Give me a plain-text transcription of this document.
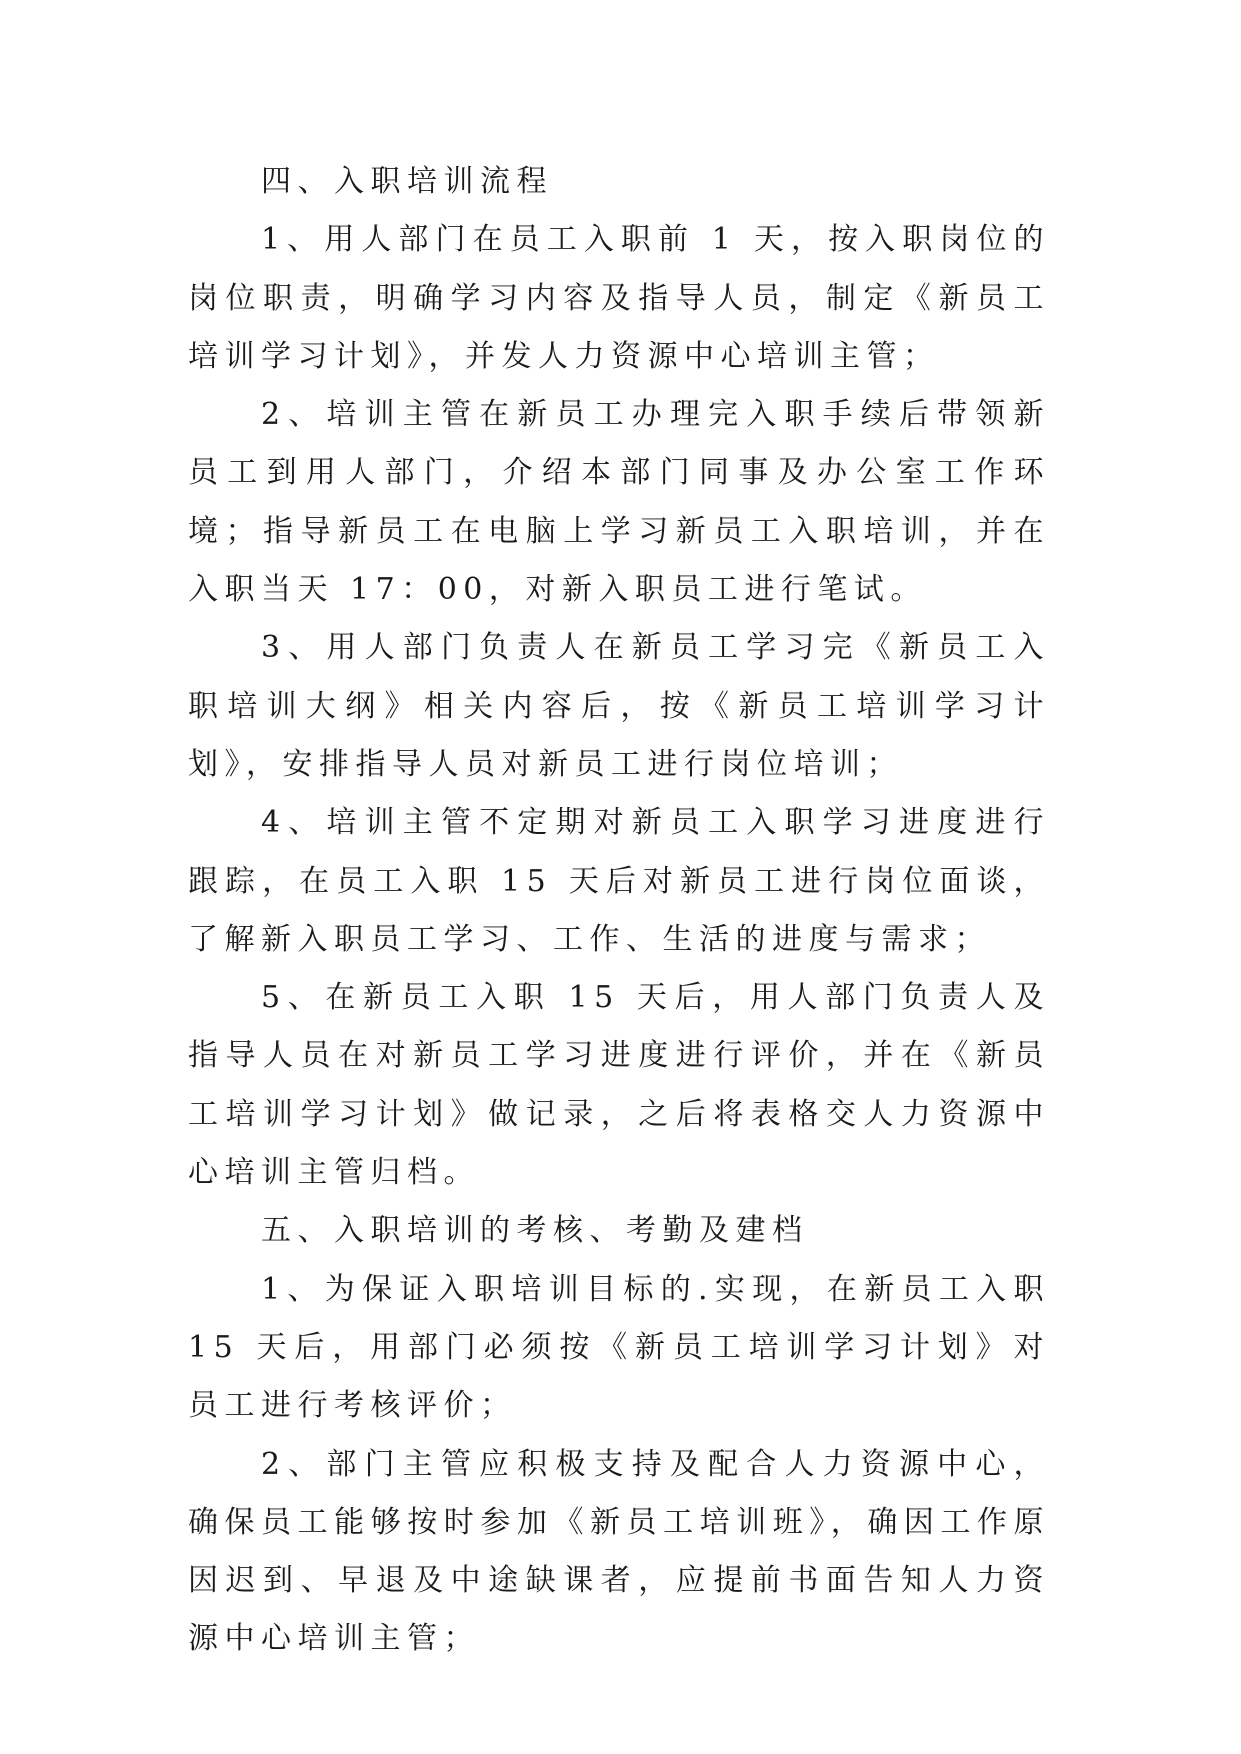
四、入职培训流程

1、用人部门在员工入职前 1 天，按入职岗位的岗位职责，明确学习内容及指导人员，制定《新员工培训学习计划》，并发人力资源中心培训主管；

2、培训主管在新员工办理完入职手续后带领新员工到用人部门，介绍本部门同事及办公室工作环境；指导新员工在电脑上学习新员工入职培训，并在入职当天 17：00，对新入职员工进行笔试。

3、用人部门负责人在新员工学习完《新员工入职培训大纲》相关内容后，按《新员工培训学习计划》，安排指导人员对新员工进行岗位培训；

4、培训主管不定期对新员工入职学习进度进行跟踪，在员工入职 15 天后对新员工进行岗位面谈，了解新入职员工学习、工作、生活的进度与需求；

5、在新员工入职 15 天后，用人部门负责人及指导人员在对新员工学习进度进行评价，并在《新员工培训学习计划》做记录，之后将表格交人力资源中心培训主管归档。

五、入职培训的考核、考勤及建档

1、为保证入职培训目标的.实现，在新员工入职 15 天后，用部门必须按《新员工培训学习计划》对员工进行考核评价；

2、部门主管应积极支持及配合人力资源中心，确保员工能够按时参加《新员工培训班》，确因工作原因迟到、早退及中途缺课者，应提前书面告知人力资源中心培训主管；
